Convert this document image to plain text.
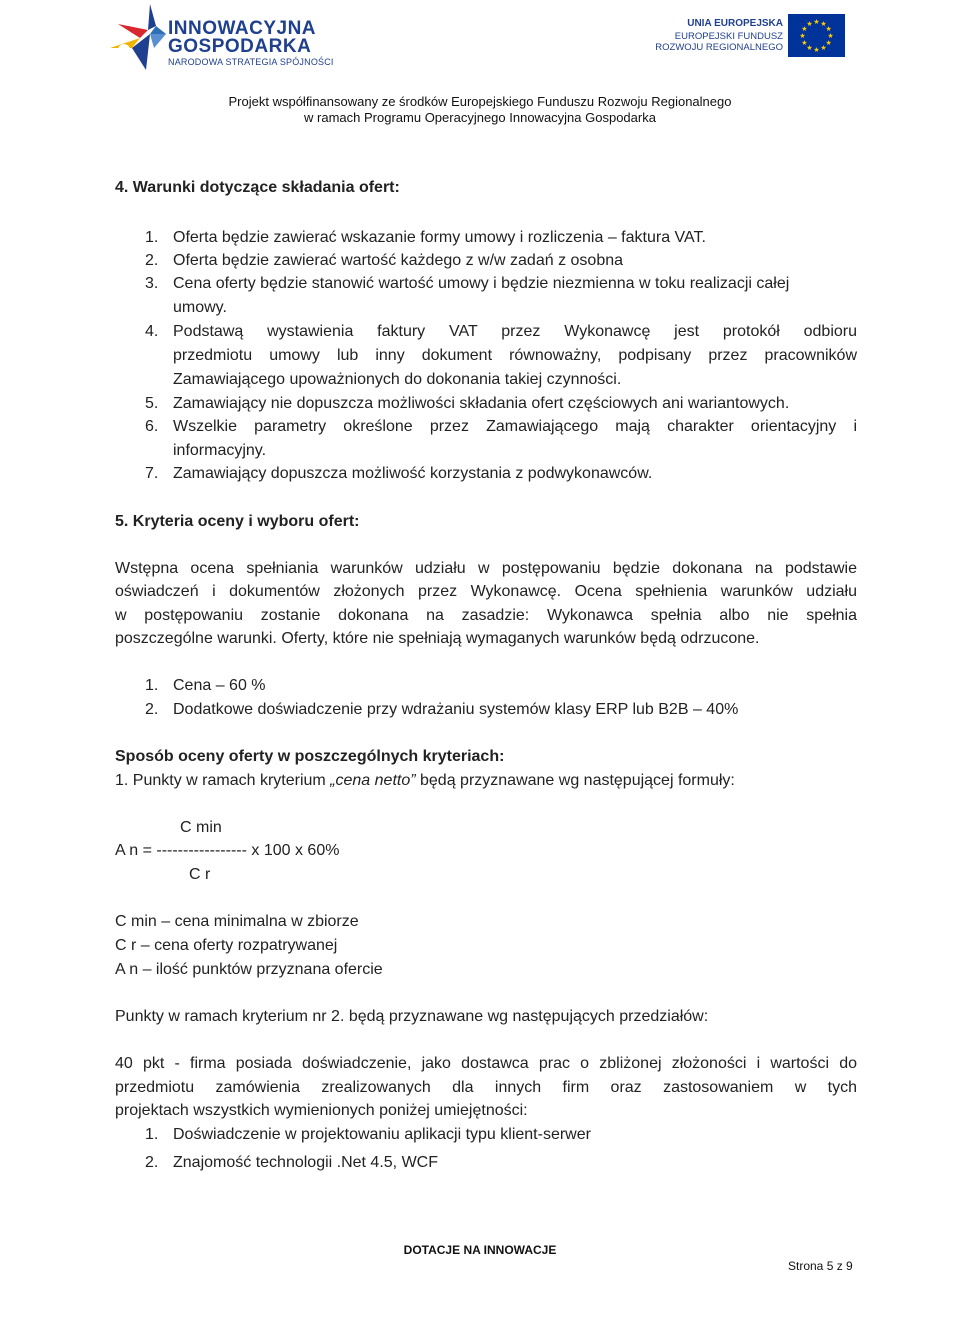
INNOWACYJNA
GOSPODARKA
NARODOWA STRATEGIA SPÓJNOŚCI
UNIA EUROPEJSKA
EUROPEJSKI FUNDUSZ
ROZWOJU REGIONALNEGO
★ ★
★
★
★
★
★
★
★
★
★
★
Projekt współfinansowany ze środków Europejskiego Funduszu Rozwoju Regionalnego
w ramach Programu Operacyjnego Innowacyjna Gospodarka
4. Warunki dotyczące składania ofert:
1. Oferta będzie zawierać wskazanie formy umowy i rozliczenia – faktura VAT.
2. Oferta będzie zawierać wartość każdego z w/w zadań z osobna
3. Cena oferty będzie stanowić wartość umowy i będzie niezmienna w toku realizacji całej
umowy.
4. Podstawą wystawienia faktury VAT przez Wykonawcę jest protokół odbioru
przedmiotu umowy lub inny dokument równoważny, podpisany przez pracowników
Zamawiającego upoważnionych do dokonania takiej czynności.
5. Zamawiający nie dopuszcza możliwości składania ofert częściowych ani wariantowych.
6. Wszelkie parametry określone przez Zamawiającego mają charakter orientacyjny i
informacyjny.
7. Zamawiający dopuszcza możliwość korzystania z podwykonawców.
5. Kryteria oceny i wyboru ofert:
Wstępna ocena spełniania warunków udziału w postępowaniu będzie dokonana na podstawie
oświadczeń i dokumentów złożonych przez Wykonawcę. Ocena spełnienia warunków udziału
w postępowaniu zostanie dokonana na zasadzie: Wykonawca spełnia albo nie spełnia
poszczególne warunki. Oferty, które nie spełniają wymaganych warunków będą odrzucone.
1. Cena – 60 %
2. Dodatkowe doświadczenie przy wdrażaniu systemów klasy ERP lub B2B – 40%
Sposób oceny oferty w poszczególnych kryteriach:
1. Punkty w ramach kryterium „cena netto” będą przyznawane wg następującej formuły:
C min
A n = ----------------- x 100 x 60%
C r
C min – cena minimalna w zbiorze
C r – cena oferty rozpatrywanej
A n – ilość punktów przyznana ofercie
Punkty w ramach kryterium nr 2. będą przyznawane wg następujących przedziałów:
40 pkt - firma posiada doświadczenie, jako dostawca prac o zbliżonej złożoności i wartości do
przedmiotu zamówienia zrealizowanych dla innych firm oraz zastosowaniem w tych
projektach wszystkich wymienionych poniżej umiejętności:
1. Doświadczenie w projektowaniu aplikacji typu klient-serwer
2. Znajomość technologii .Net 4.5, WCF
DOTACJE NA INNOWACJE
Strona 5 z 9
